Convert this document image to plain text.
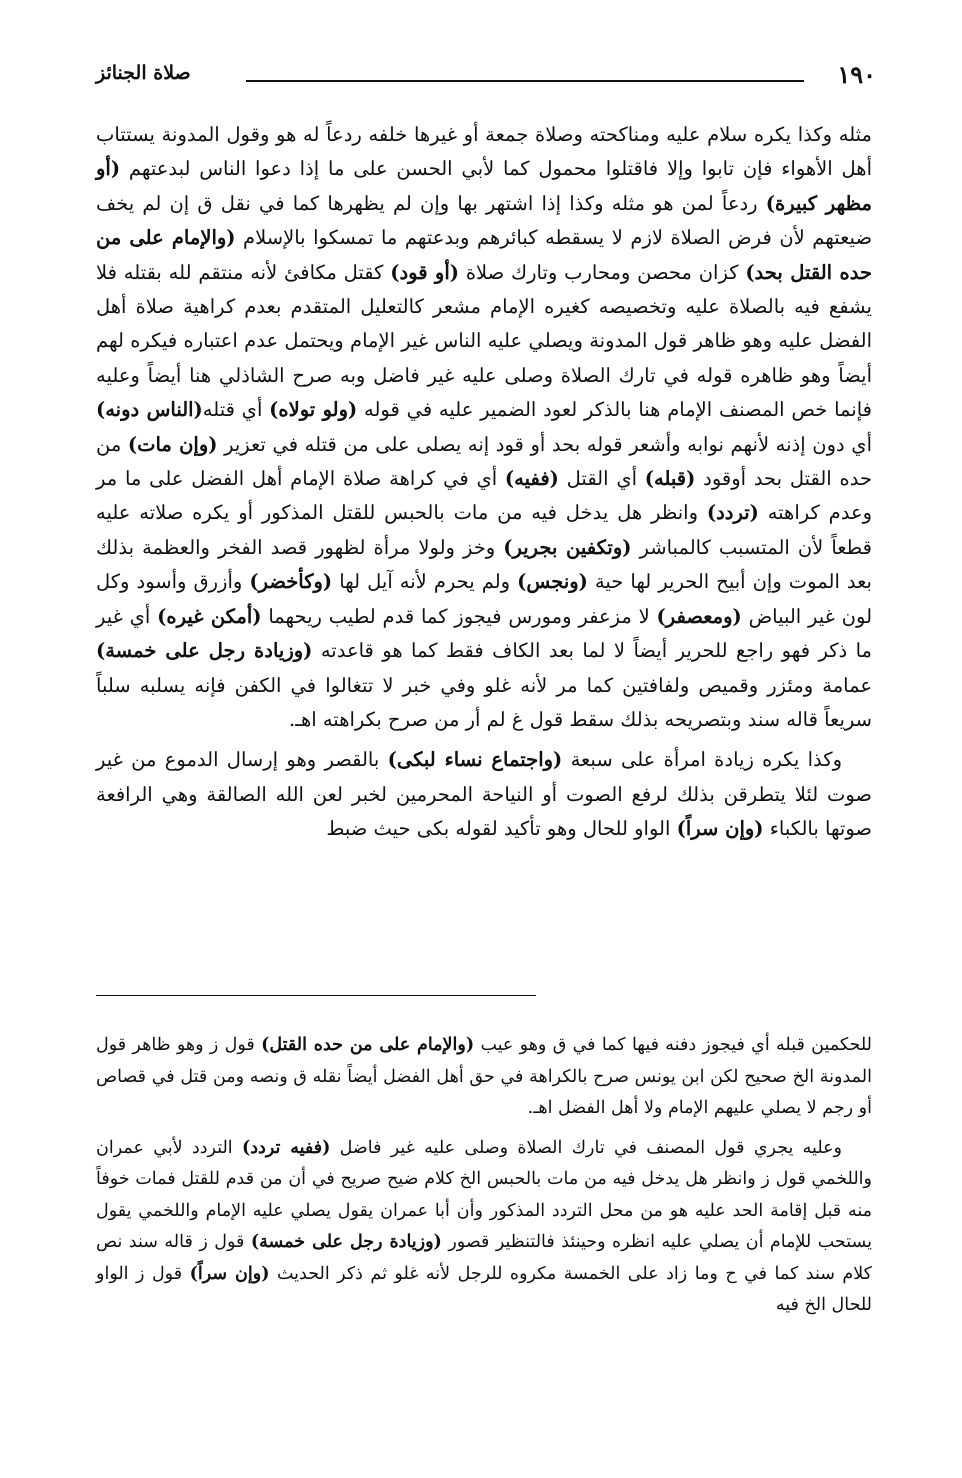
١٩٠
صلاة الجنائز

مثله وكذا يكره سلام عليه ومناكحته وصلاة جمعة أو غيرها خلفه ردعاً له هو وقول المدونة يستتاب أهل الأهواء فإن تابوا وإلا فاقتلوا محمول كما لأبي الحسن على ما إذا دعوا الناس لبدعتهم (أو مظهر كبيرة) ردعاً لمن هو مثله وكذا إذا اشتهر بها وإن لم يظهرها كما في نقل ق إن لم يخف ضيعتهم لأن فرض الصلاة لازم لا يسقطه كبائرهم وبدعتهم ما تمسكوا بالإسلام (والإمام على من حده القتل بحد) كزان محصن ومحارب وتارك صلاة (أو قود) كقتل مكافئ لأنه منتقم لله بقتله فلا يشفع فيه بالصلاة عليه وتخصيصه كغيره الإمام مشعر كالتعليل المتقدم بعدم كراهية صلاة أهل الفضل عليه وهو ظاهر قول المدونة ويصلي عليه الناس غير الإمام ويحتمل عدم اعتباره فيكره لهم أيضاً وهو ظاهره قوله في تارك الصلاة وصلى عليه غير فاضل وبه صرح الشاذلي هنا أيضاً وعليه فإنما خص المصنف الإمام هنا بالذكر لعود الضمير عليه في قوله (ولو تولاه) أي قتله(الناس دونه) أي دون إذنه لأنهم نوابه وأشعر قوله بحد أو قود إنه يصلى على من قتله في تعزير (وإن مات) من حده القتل بحد أوقود (قبله) أي القتل (ففيه) أي في كراهة صلاة الإمام أهل الفضل على ما مر وعدم كراهته (تردد) وانظر هل يدخل فيه من مات بالحبس للقتل المذكور أو يكره صلاته عليه قطعاً لأن المتسبب كالمباشر (وتكفين بجرير) وخز ولولا مرأة لظهور قصد الفخر والعظمة بذلك بعد الموت وإن أبيح الحرير لها حية (ونجس) ولم يحرم لأنه آيل لها (وكأخضر) وأزرق وأسود وكل لون غير البياض (ومعصفر) لا مزعفر ومورس فيجوز كما قدم لطيب ريحهما (أمكن غيره) أي غير ما ذكر فهو راجع للحرير أيضاً لا لما بعد الكاف فقط كما هو قاعدته (وزيادة رجل على خمسة) عمامة ومئزر وقميص ولفافتين كما مر لأنه غلو وفي خبر لا تتغالوا في الكفن فإنه يسلبه سلباً سريعاً قاله سند وبتصريحه بذلك سقط قول غ لم أر من صرح بكراهته اهـ.

وكذا يكره زيادة امرأة على سبعة (واجتماع نساء لبكى) بالقصر وهو إرسال الدموع من غير صوت لئلا يتطرقن بذلك لرفع الصوت أو النياحة المحرمين لخبر لعن الله الصالقة وهي الرافعة صوتها بالكباء (وإن سراً) الواو للحال وهو تأكيد لقوله بكى حيث ضبط

للحكمين قبله أي فيجوز دفنه فيها كما في ق وهو عيب (والإمام على من حده القتل) قول ز وهو ظاهر قول المدونة الخ صحيح لكن ابن يونس صرح بالكراهة في حق أهل الفضل أيضاً نقله ق ونصه ومن قتل في قصاص أو رجم لا يصلي عليهم الإمام ولا أهل الفضل اهـ.

وعليه يجري قول المصنف في تارك الصلاة وصلى عليه غير فاضل (ففيه تردد) التردد لأبي عمران واللخمي قول ز وانظر هل يدخل فيه من مات بالحبس الخ كلام ضيح صريح في أن من قدم للقتل فمات خوفاً منه قبل إقامة الحد عليه هو من محل التردد المذكور وأن أبا عمران يقول يصلي عليه الإمام واللخمي يقول يستحب للإمام أن يصلي عليه انظره وحينئذ فالتنظير قصور (وزيادة رجل على خمسة) قول ز قاله سند نص كلام سند كما في ح وما زاد على الخمسة مكروه للرجل لأنه غلو ثم ذكر الحديث (وإن سراً) قول ز الواو للحال الخ فيه
